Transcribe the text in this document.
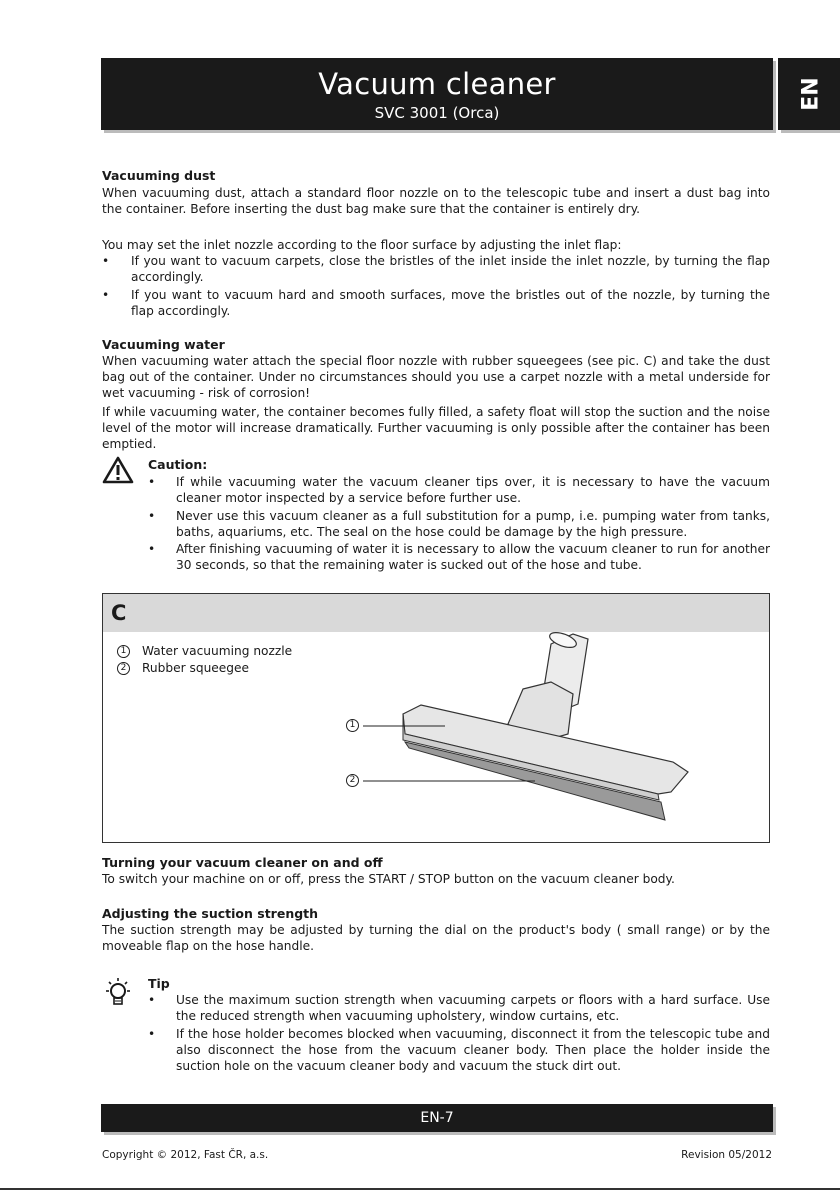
Vacuum cleaner
SVC 3001 (Orca)
EN
Vacuuming dust
When vacuuming dust, attach a standard floor nozzle on to the telescopic tube and insert a dust bag into the container. Before inserting the dust bag make sure that the container is entirely dry.
You may set the inlet nozzle according to the floor surface by adjusting the inlet flap:
•	If you want to vacuum carpets, close the bristles of the inlet inside the inlet nozzle, by turning the flap accordingly.
•	If you want to vacuum hard and smooth surfaces, move the bristles out of the nozzle, by turning the flap accordingly.
Vacuuming water
When vacuuming water attach the special floor nozzle with rubber squeegees (see pic. C) and take the dust bag out of the container. Under no circumstances should you use a carpet nozzle with a metal underside for wet vacuuming - risk of corrosion!
If while vacuuming water, the container becomes fully filled, a safety float will stop the suction and the noise level of the motor will increase dramatically. Further vacuuming is only possible after the container has been emptied.
Caution:
• If while vacuuming water the vacuum cleaner tips over, it is necessary to have the vacuum cleaner motor inspected by a service before further use.
• Never use this vacuum cleaner as a full substitution for a pump, i.e. pumping water from tanks, baths, aquariums, etc. The seal on the hose could be damage by the high pressure.
• After finishing vacuuming of water it is necessary to allow the vacuum cleaner to run for another 30 seconds, so that the remaining water is sucked out of the hose and tube.
C
1 Water vacuuming nozzle
2 Rubber squeegee
1
2
Turning your vacuum cleaner on and off
To switch your machine on or off, press the START / STOP button on the vacuum cleaner body.
Adjusting the suction strength
The suction strength may be adjusted by turning the dial on the product's body ( small range) or by the moveable flap on the hose handle.
Tip
• Use the maximum suction strength when vacuuming carpets or floors with a hard surface. Use the reduced strength when vacuuming upholstery, window curtains, etc.
• If the hose holder becomes blocked when vacuuming, disconnect it from the telescopic tube and also disconnect the hose from the vacuum cleaner body. Then place the holder inside the suction hole on the vacuum cleaner body and vacuum the stuck dirt out.
EN-7
Copyright © 2012, Fast ČR, a.s.	Revision 05/2012
